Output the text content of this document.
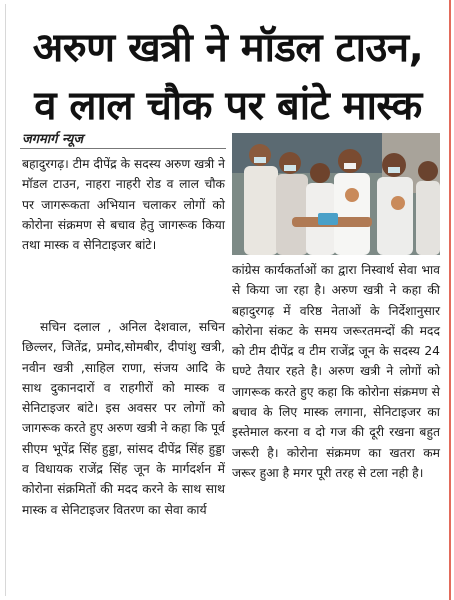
अरुण खत्री ने मॉडल टाउन,
व लाल चौक पर बांटे मास्क
जगमार्ग न्यूज

बहादुरगढ़। टीम दीपेंद्र के सदस्य अरुण खत्री ने मॉडल टाउन, नाहरा नाहरी रोड व लाल चौक पर जागरूकता अभियान चलाकर लोगों को कोरोना संक्रमण से बचाव हेतु जागरूक किया तथा मास्क व सेनिटाइजर बांटे।

सचिन दलाल , अनिल देशवाल, सचिन छिल्लर, जितेंद्र, प्रमोद,सोमबीर, दीपांशु खत्री, नवीन खत्री ,साहिल राणा, संजय आदि के साथ दुकानदारों व राहगीरों को मास्क व सेनिटाइजर बांटे। इस अवसर पर लोगों को जागरूक करते हुए अरुण खत्री ने कहा कि पूर्व सीएम भूपेंद्र सिंह हुड्डा, सांसद दीपेंद्र सिंह हुड्डा व विधायक राजेंद्र सिंह जून के मार्गदर्शन में कोरोना संक्रमितों की मदद करने के साथ साथ मास्क व सेनिटाइजर वितरण का सेवा कार्य

कांग्रेस कार्यकर्ताओं का द्वारा निस्वार्थ सेवा भाव से किया जा रहा है। अरुण खत्री ने कहा की बहादुरगढ़ में वरिष्ठ नेताओं के निर्देशानुसार कोरोना संकट के समय जरूरतमन्दों की मदद को टीम दीपेंद्र व टीम राजेंद्र जून के सदस्य 24 घण्टे तैयार रहते है। अरुण खत्री ने लोगों को जागरूक करते हुए कहा कि कोरोना संक्रमण से बचाव के लिए मास्क लगाना, सेनिटाइजर का इस्तेमाल करना व दो गज की दूरी रखना बहुत जरूरी है। कोरोना संक्रमण का खतरा कम जरूर हुआ है मगर पूरी तरह से टला नही है।
